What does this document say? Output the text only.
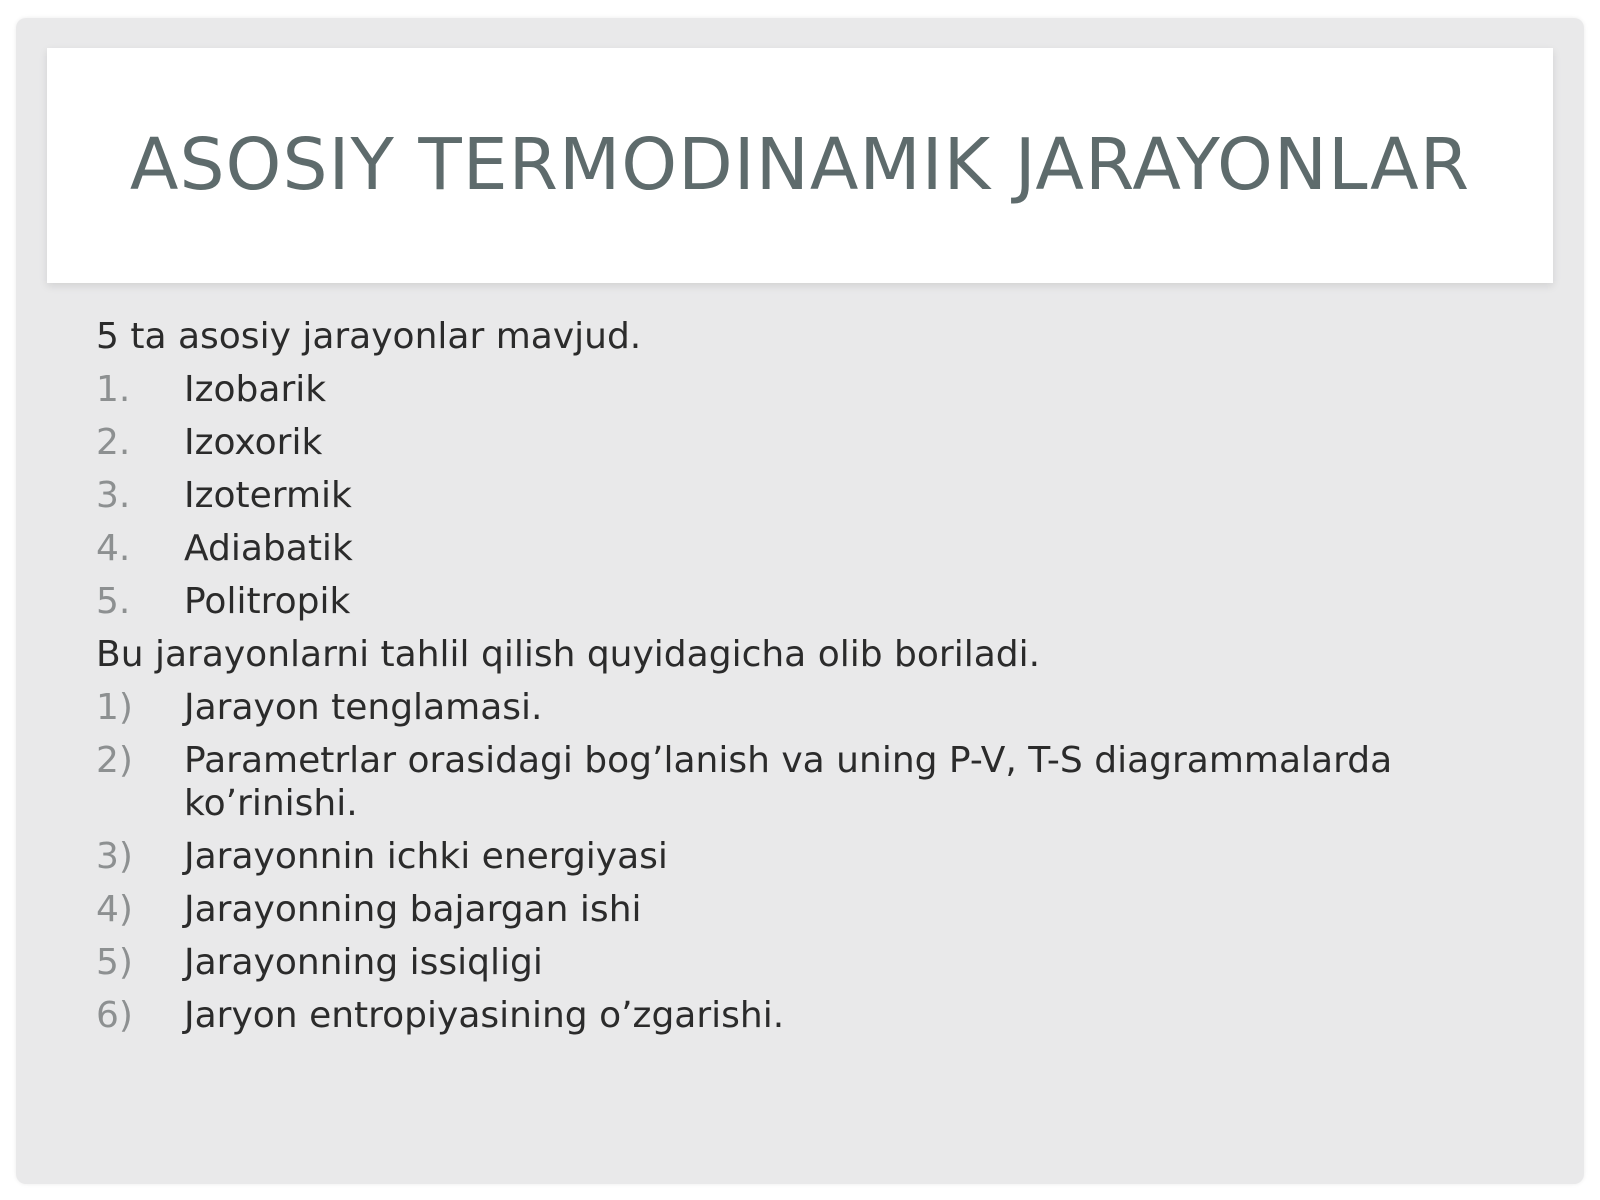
ASOSIY TERMODINAMIK JARAYONLAR
5 ta asosiy jarayonlar mavjud.
1.	Izobarik
2.	Izoxorik
3.	Izotermik
4.	Adiabatik
5.	Politropik
Bu jarayonlarni tahlil qilish quyidagicha olib boriladi.
1)	Jarayon tenglamasi.
2)	Parametrlar orasidagi bog’lanish va uning P-V, T-S diagrammalarda ko’rinishi.
3)	Jarayonnin ichki energiyasi
4)	Jarayonning bajargan ishi
5)	Jarayonning issiqligi
6)	Jaryon entropiyasining o’zgarishi.
